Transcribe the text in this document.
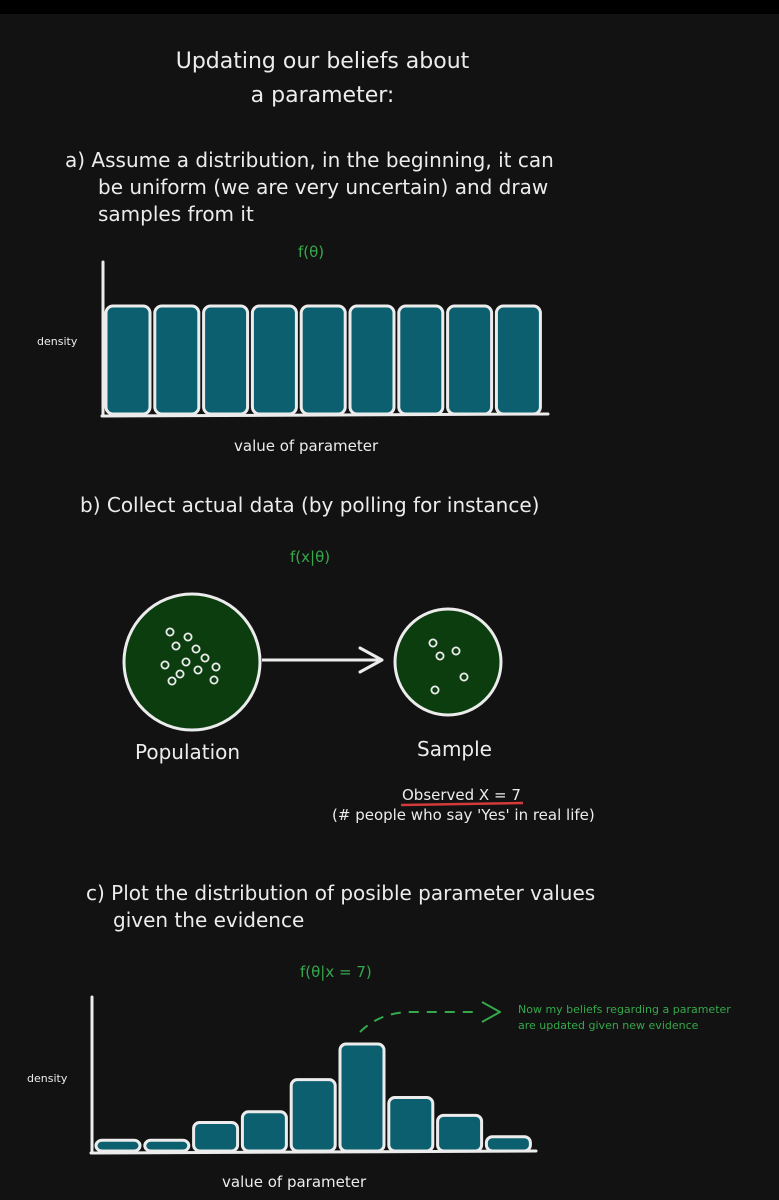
Updating our beliefs about
a parameter:
a) Assume a distribution, in the beginning, it can
be uniform (we are very uncertain) and draw
samples from it
f(θ)
density
value of parameter
b) Collect actual data (by polling for instance)
f(x|θ)
Population	Sample
Observed X = 7
(# people who say 'Yes' in real life)
c) Plot the distribution of posible parameter values
given the evidence
f(θ|x = 7)
Now my beliefs regarding a parameter
are updated given new evidence
density
value of parameter
